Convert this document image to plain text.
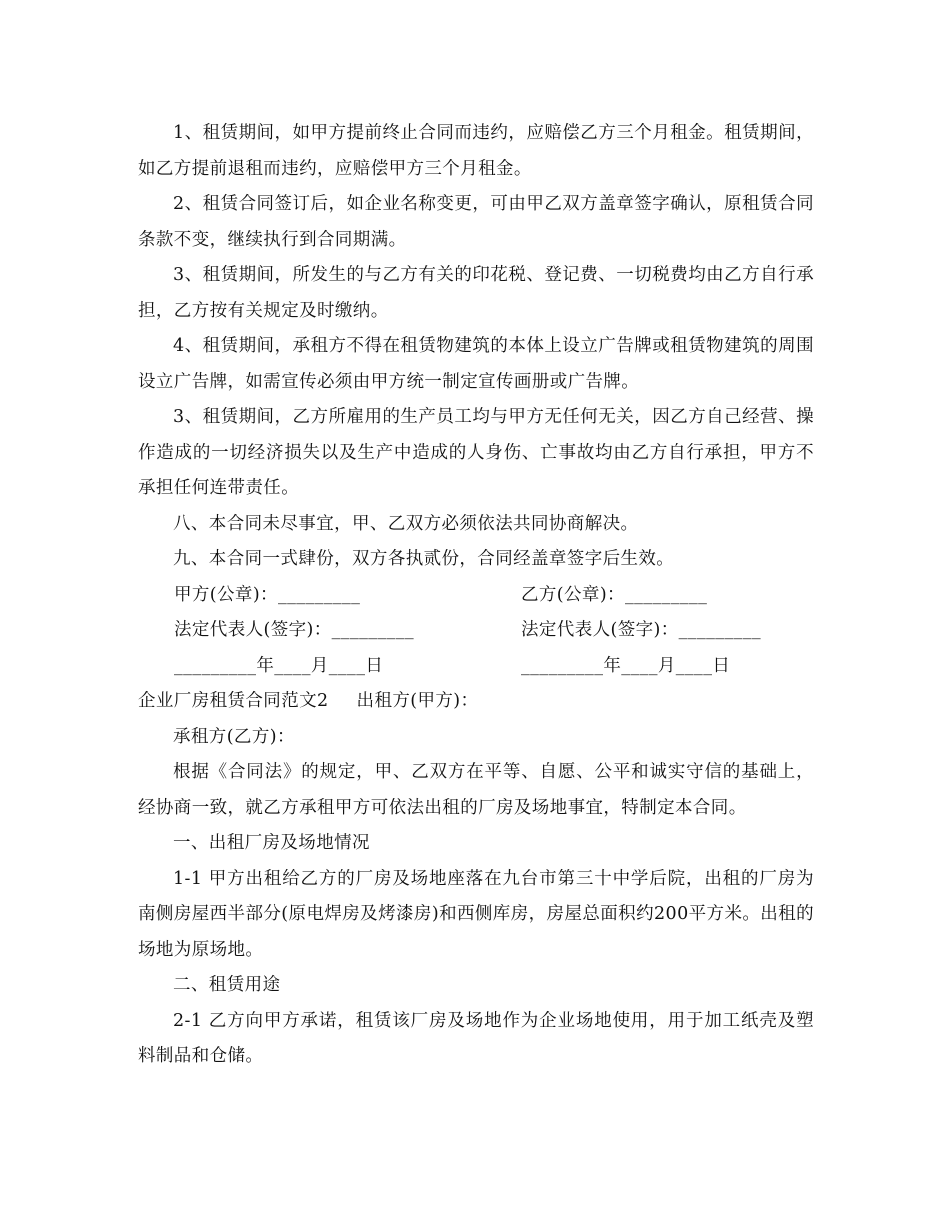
1、租赁期间，如甲方提前终止合同而违约，应赔偿乙方三个月租金。租赁期间，如乙方提前退租而违约，应赔偿甲方三个月租金。

2、租赁合同签订后，如企业名称变更，可由甲乙双方盖章签字确认，原租赁合同条款不变，继续执行到合同期满。

3、租赁期间，所发生的与乙方有关的印花税、登记费、一切税费均由乙方自行承担，乙方按有关规定及时缴纳。

4、租赁期间，承租方不得在租赁物建筑的本体上设立广告牌或租赁物建筑的周围设立广告牌，如需宣传必须由甲方统一制定宣传画册或广告牌。

3、租赁期间，乙方所雇用的生产员工均与甲方无任何无关，因乙方自己经营、操作造成的一切经济损失以及生产中造成的人身伤、亡事故均由乙方自行承担，甲方不承担任何连带责任。

八、本合同未尽事宜，甲、乙双方必须依法共同协商解决。

九、本合同一式肆份，双方各执贰份，合同经盖章签字后生效。

甲方(公章)：_________	乙方(公章)：_________
法定代表人(签字)：_________	法定代表人(签字)：_________
_________年____月____日	_________年____月____日
企业厂房租赁合同范文2 出租方(甲方)：

承租方(乙方)：

根据《合同法》的规定，甲、乙双方在平等、自愿、公平和诚实守信的基础上，经协商一致，就乙方承租甲方可依法出租的厂房及场地事宜，特制定本合同。

一、出租厂房及场地情况

1-1 甲方出租给乙方的厂房及场地座落在九台市第三十中学后院，出租的厂房为南侧房屋西半部分(原电焊房及烤漆房)和西侧库房，房屋总面积约200平方米。出租的场地为原场地。

二、租赁用途

2-1 乙方向甲方承诺，租赁该厂房及场地作为企业场地使用，用于加工纸壳及塑料制品和仓储。
